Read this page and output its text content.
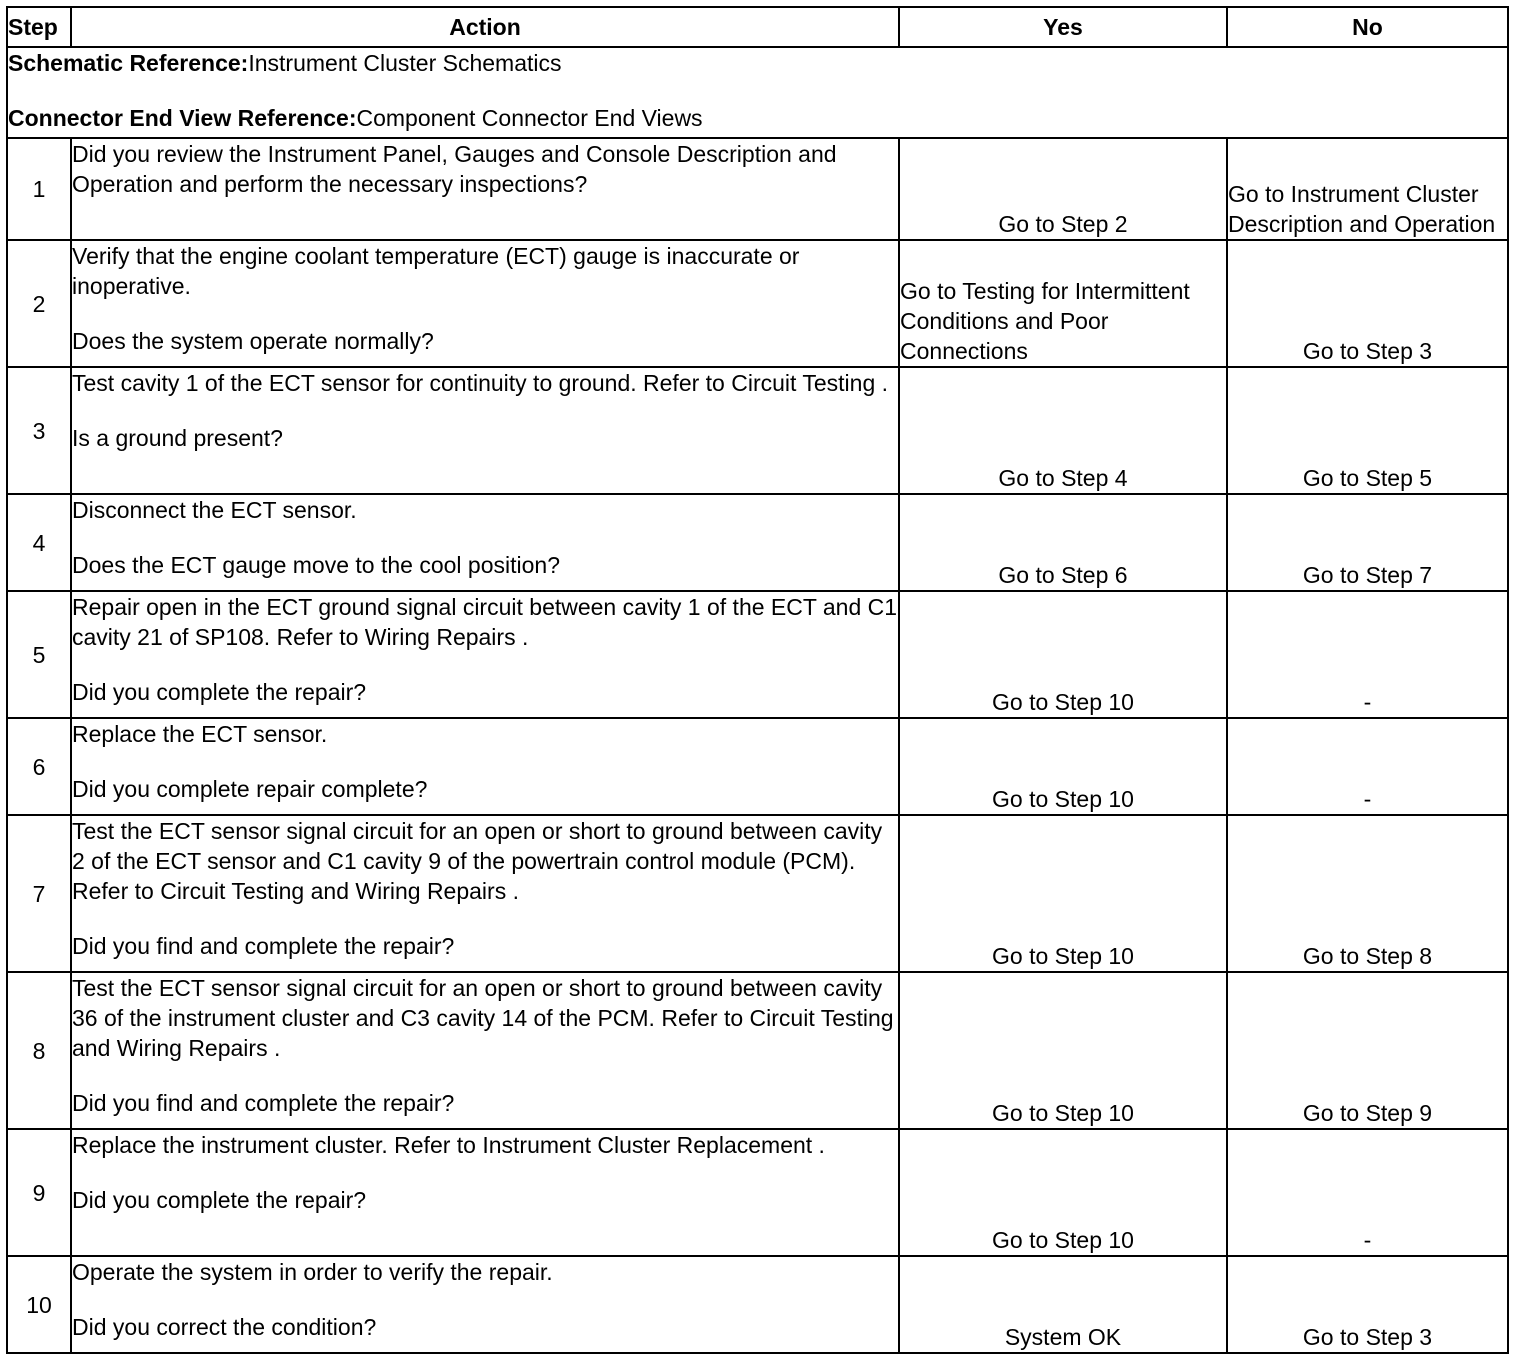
Step	Action	Yes	No

Schematic Reference:Instrument Cluster Schematics
Connector End View Reference:Component Connector End Views			

1	Did you review the Instrument Panel, Gauges and Console Description and Operation and perform the necessary inspections?	Go to Step 2	Go to Instrument Cluster Description and Operation

2	Verify that the engine coolant temperature (ECT) gauge is inaccurate or inoperative.
Does the system operate normally?	Go to Testing for Intermittent Conditions and Poor Connections	Go to Step 3

3	Test cavity 1 of the ECT sensor for continuity to ground. Refer to Circuit Testing .
Is a ground present?	Go to Step 4	Go to Step 5

4	Disconnect the ECT sensor.
Does the ECT gauge move to the cool position?	Go to Step 6	Go to Step 7

5	Repair open in the ECT ground signal circuit between cavity 1 of the ECT and C1 cavity 21 of SP108. Refer to Wiring Repairs .
Did you complete the repair?	Go to Step 10	-

6	Replace the ECT sensor.
Did you complete repair complete?	Go to Step 10	-

7	Test the ECT sensor signal circuit for an open or short to ground between cavity 2 of the ECT sensor and C1 cavity 9 of the powertrain control module (PCM). Refer to Circuit Testing and Wiring Repairs .
Did you find and complete the repair?	Go to Step 10	Go to Step 8

8	Test the ECT sensor signal circuit for an open or short to ground between cavity 36 of the instrument cluster and C3 cavity 14 of the PCM. Refer to Circuit Testing and Wiring Repairs .
Did you find and complete the repair?	Go to Step 10	Go to Step 9

9	Replace the instrument cluster. Refer to Instrument Cluster Replacement .
Did you complete the repair?	Go to Step 10	-

10	Operate the system in order to verify the repair.
Did you correct the condition?	System OK	Go to Step 3
